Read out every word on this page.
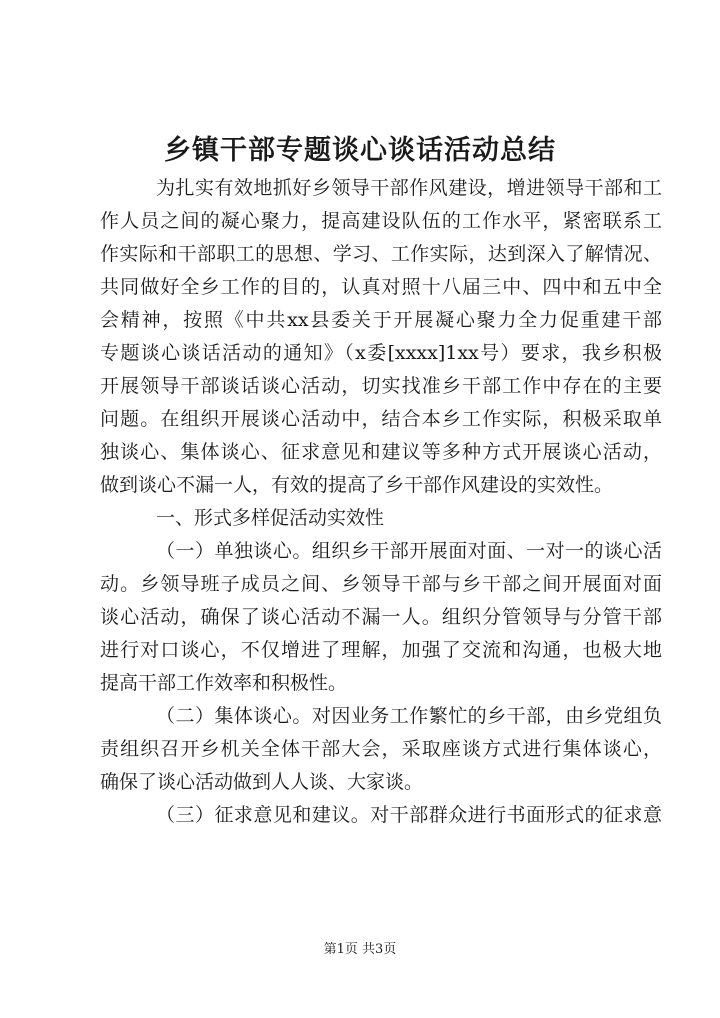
乡镇干部专题谈心谈话活动总结
为扎实有效地抓好乡领导干部作风建设，增进领导干部和工
作人员之间的凝心聚力，提高建设队伍的工作水平，紧密联系工
作实际和干部职工的思想、学习、工作实际，达到深入了解情况、
共同做好全乡工作的目的，认真对照十八届三中、四中和五中全
会精神，按照《中共xx县委关于开展凝心聚力全力促重建干部
专题谈心谈话活动的通知》（x委[xxxx]1xx号）要求，我乡积极
开展领导干部谈话谈心活动，切实找准乡干部工作中存在的主要
问题。在组织开展谈心活动中，结合本乡工作实际，积极采取单
独谈心、集体谈心、征求意见和建议等多种方式开展谈心活动，
做到谈心不漏一人，有效的提高了乡干部作风建设的实效性。
一、形式多样促活动实效性
（一）单独谈心。组织乡干部开展面对面、一对一的谈心活
动。乡领导班子成员之间、乡领导干部与乡干部之间开展面对面
谈心活动，确保了谈心活动不漏一人。组织分管领导与分管干部
进行对口谈心，不仅增进了理解，加强了交流和沟通，也极大地
提高干部工作效率和积极性。
（二）集体谈心。对因业务工作繁忙的乡干部，由乡党组负
责组织召开乡机关全体干部大会，采取座谈方式进行集体谈心，
确保了谈心活动做到人人谈、大家谈。
（三）征求意见和建议。对干部群众进行书面形式的征求意
第1页 共3页
